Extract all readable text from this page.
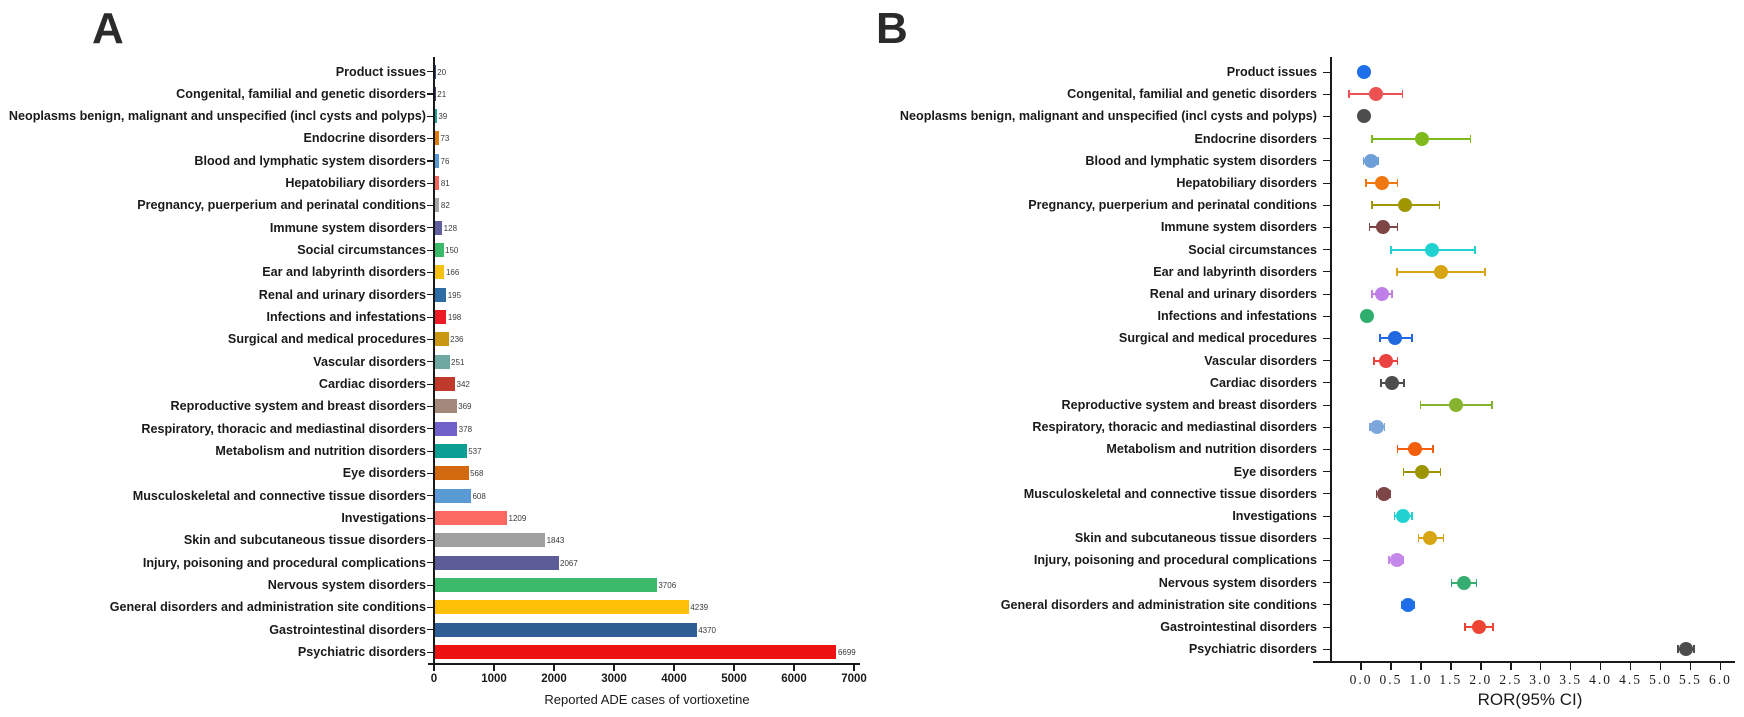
A	B
Product issues 20
Congenital, familial and genetic disorders 21
Neoplasms benign, malignant and unspecified (incl cysts and polyps) 39
Endocrine disorders 73
Blood and lymphatic system disorders 76
Hepatobiliary disorders 81
Pregnancy, puerperium and perinatal conditions 82
Immune system disorders 128
Social circumstances 150
Ear and labyrinth disorders 166
Renal and urinary disorders	195
Infections and infestations	198
Surgical and medical procedures	236
Vascular disorders	251
Cardiac disorders	342
Reproductive system and breast disorders	369
Respiratory, thoracic and mediastinal disorders	378
Metabolism and nutrition disorders	537
Eye disorders	568
Musculoskeletal and connective tissue disorders	608
Investigations	1209
Skin and subcutaneous tissue disorders	1843
Injury, poisoning and procedural complications	2067
Nervous system disorders	3706
General disorders and administration site conditions	4239
Gastrointestinal disorders	4370
Psychiatric disorders	6699
0	1000	2000	3000	4000	5000	6000	7000
Product issues
Congenital, familial and genetic disorders
Neoplasms benign, malignant and unspecified (incl cysts and polyps)
Endocrine disorders
Blood and lymphatic system disorders
Hepatobiliary disorders
Pregnancy, puerperium and perinatal conditions
Immune system disorders
Social circumstances
Ear and labyrinth disorders
Renal and urinary disorders
Infections and infestations
Surgical and medical procedures
Vascular disorders
Cardiac disorders
Reproductive system and breast disorders
Respiratory, thoracic and mediastinal disorders
Metabolism and nutrition disorders
Eye disorders
Musculoskeletal and connective tissue disorders
Investigations
Skin and subcutaneous tissue disorders
Injury, poisoning and procedural complications
Nervous system disorders
General disorders and administration site conditions
Gastrointestinal disorders
Psychiatric disorders
0.0 0.5 1.0 1.5 2.0 2.5 3.0 3.5 4.0 4.5 5.0 5.5 6.0
Reported ADE cases of vortioxetine	ROR(95% CI)
